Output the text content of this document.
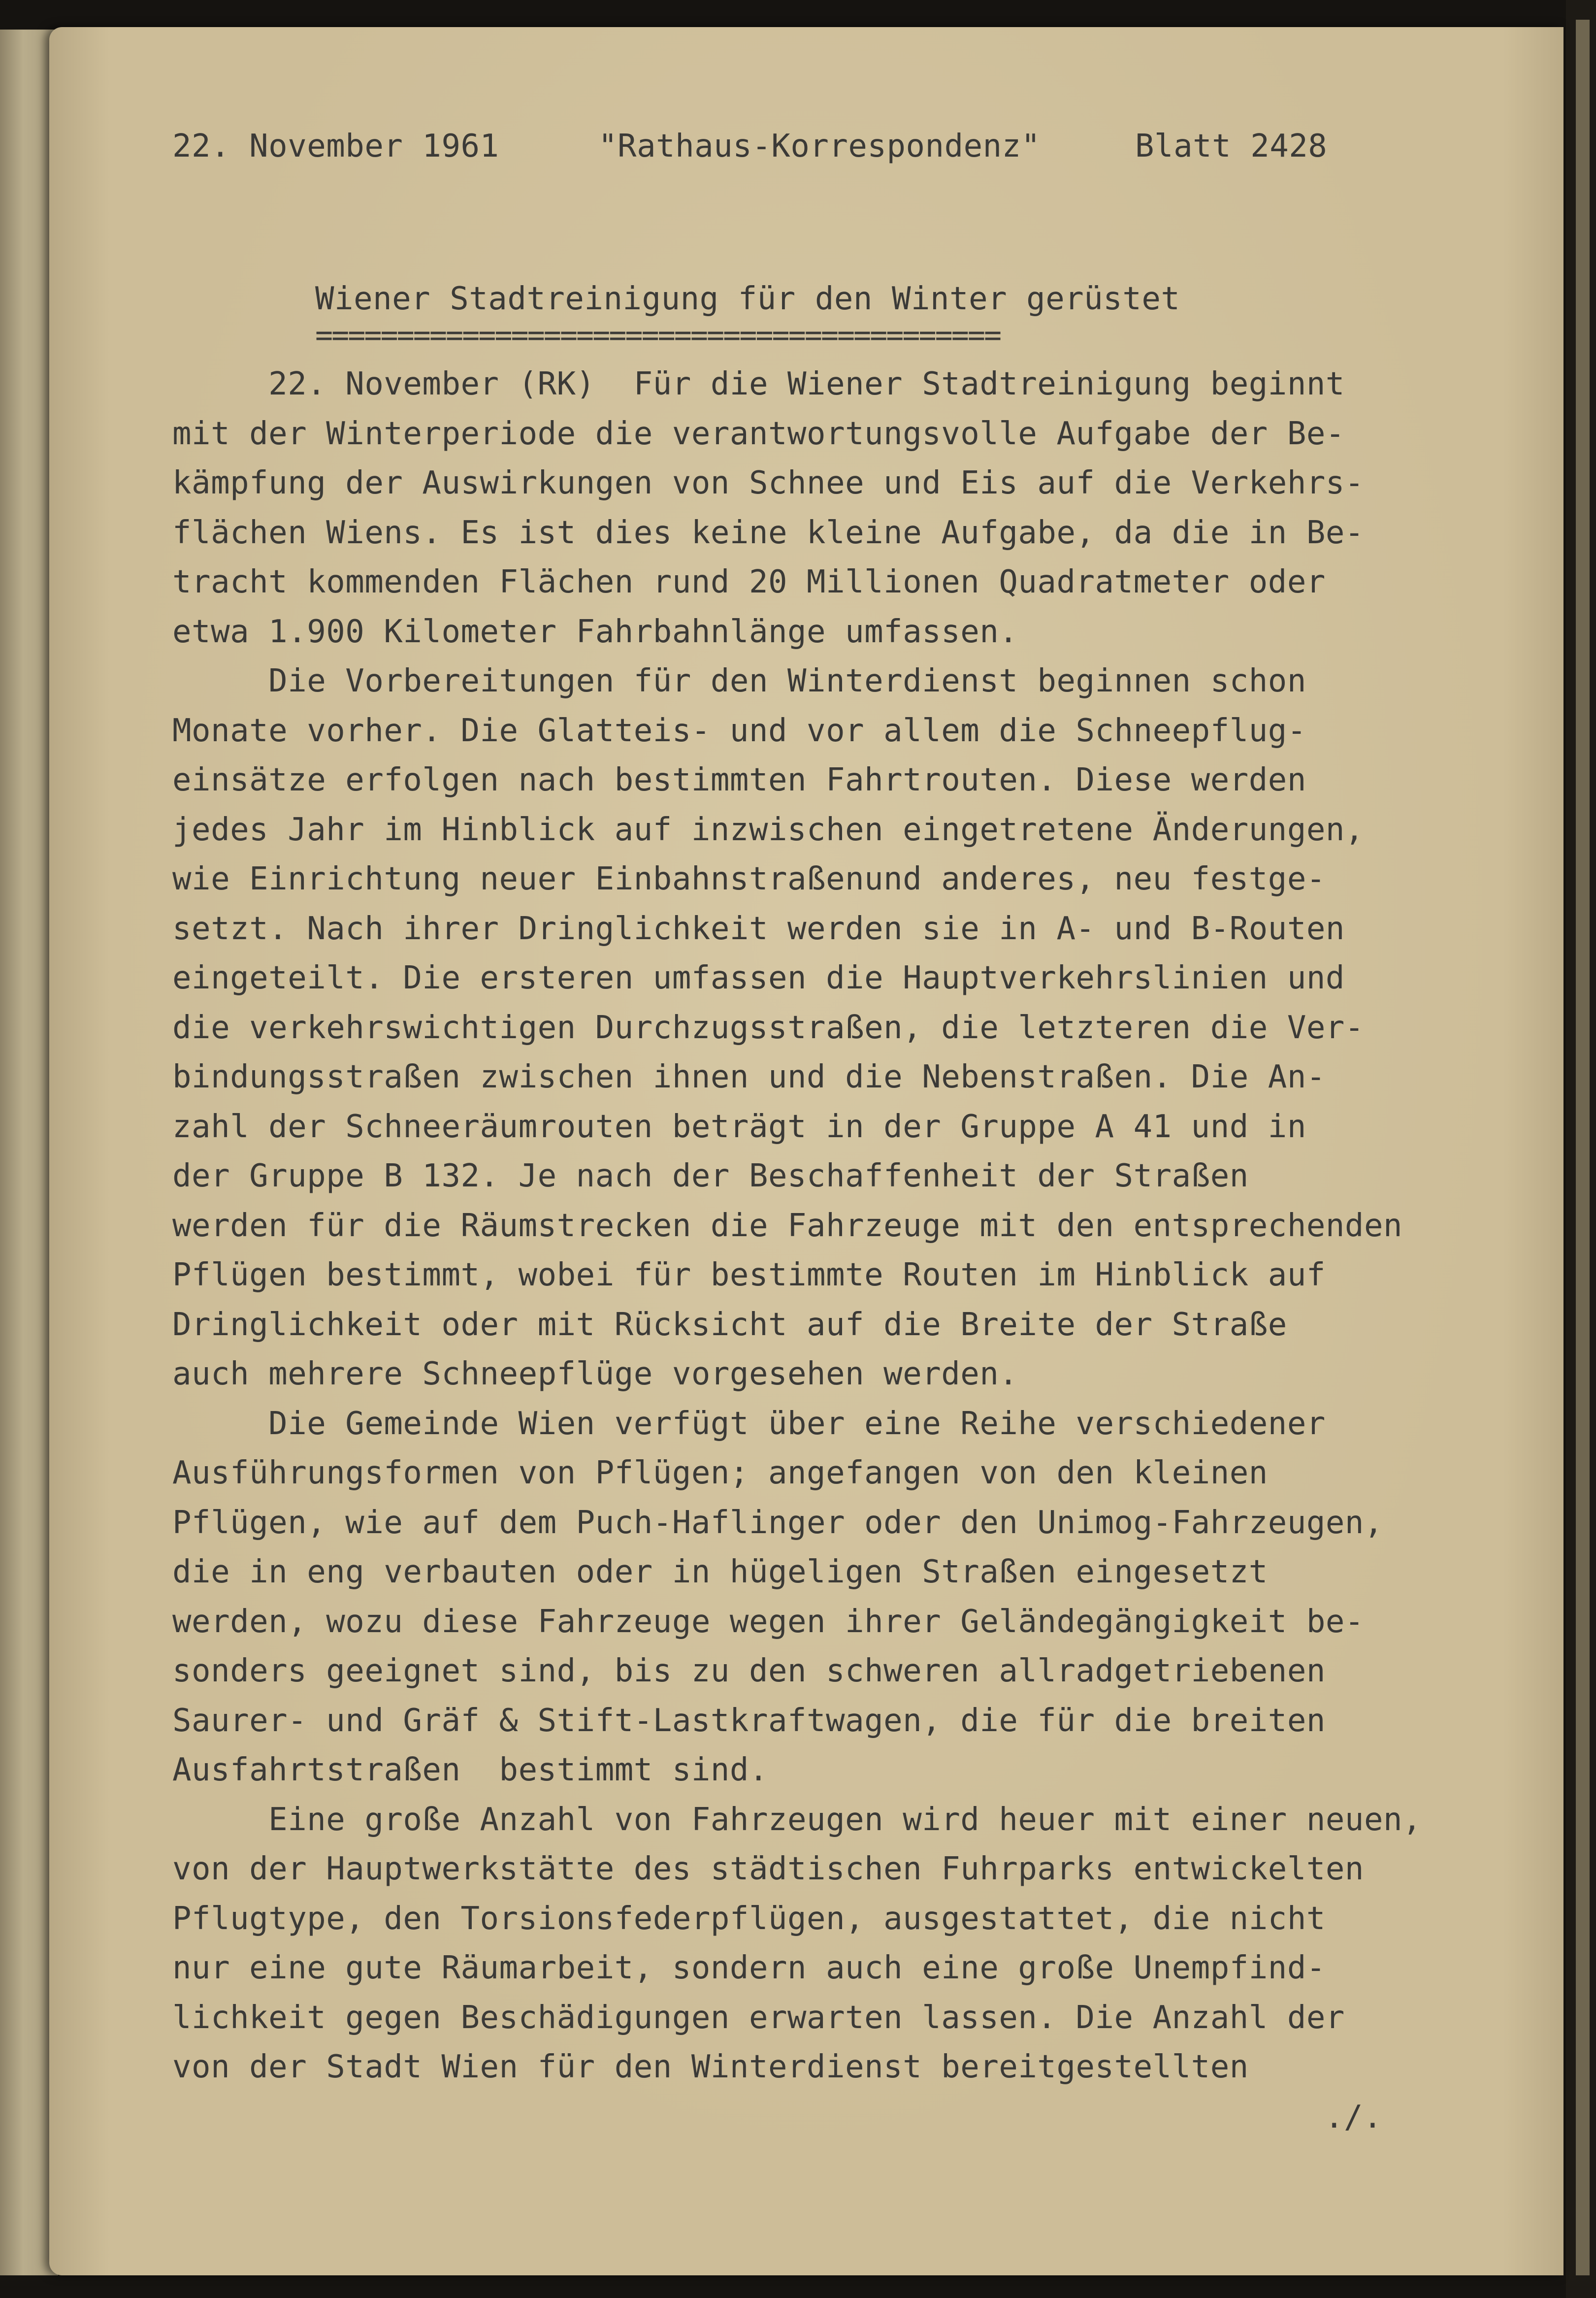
22. November 1961	"Rathaus-Korrespondenz"	Blatt 2428
Wiener Stadtreinigung für den Winter gerüstet
==========================================
22. November (RK)  Für die Wiener Stadtreinigung beginnt
mit der Winterperiode die verantwortungsvolle Aufgabe der Be-
kämpfung der Auswirkungen von Schnee und Eis auf die Verkehrs-
flächen Wiens. Es ist dies keine kleine Aufgabe, da die in Be-
tracht kommenden Flächen rund 20 Millionen Quadratmeter oder
etwa 1.900 Kilometer Fahrbahnlänge umfassen.
Die Vorbereitungen für den Winterdienst beginnen schon
Monate vorher. Die Glatteis- und vor allem die Schneepflug-
einsätze erfolgen nach bestimmten Fahrtrouten. Diese werden
jedes Jahr im Hinblick auf inzwischen eingetretene Änderungen,
wie Einrichtung neuer Einbahnstraßenund anderes, neu festge-
setzt. Nach ihrer Dringlichkeit werden sie in A- und B-Routen
eingeteilt. Die ersteren umfassen die Hauptverkehrslinien und
die verkehrswichtigen Durchzugsstraßen, die letzteren die Ver-
bindungsstraßen zwischen ihnen und die Nebenstraßen. Die An-
zahl der Schneeräumrouten beträgt in der Gruppe A 41 und in
der Gruppe B 132. Je nach der Beschaffenheit der Straßen
werden für die Räumstrecken die Fahrzeuge mit den entsprechenden
Pflügen bestimmt, wobei für bestimmte Routen im Hinblick auf
Dringlichkeit oder mit Rücksicht auf die Breite der Straße
auch mehrere Schneepflüge vorgesehen werden.
Die Gemeinde Wien verfügt über eine Reihe verschiedener
Ausführungsformen von Pflügen; angefangen von den kleinen
Pflügen, wie auf dem Puch-Haflinger oder den Unimog-Fahrzeugen,
die in eng verbauten oder in hügeligen Straßen eingesetzt
werden, wozu diese Fahrzeuge wegen ihrer Geländegängigkeit be-
sonders geeignet sind, bis zu den schweren allradgetriebenen
Saurer- und Gräf & Stift-Lastkraftwagen, die für die breiten
Ausfahrtstraßen  bestimmt sind.
Eine große Anzahl von Fahrzeugen wird heuer mit einer neuen,
von der Hauptwerkstätte des städtischen Fuhrparks entwickelten
Pflugtype, den Torsionsfederpflügen, ausgestattet, die nicht
nur eine gute Räumarbeit, sondern auch eine große Unempfind-
lichkeit gegen Beschädigungen erwarten lassen. Die Anzahl der
von der Stadt Wien für den Winterdienst bereitgestellten
./.
